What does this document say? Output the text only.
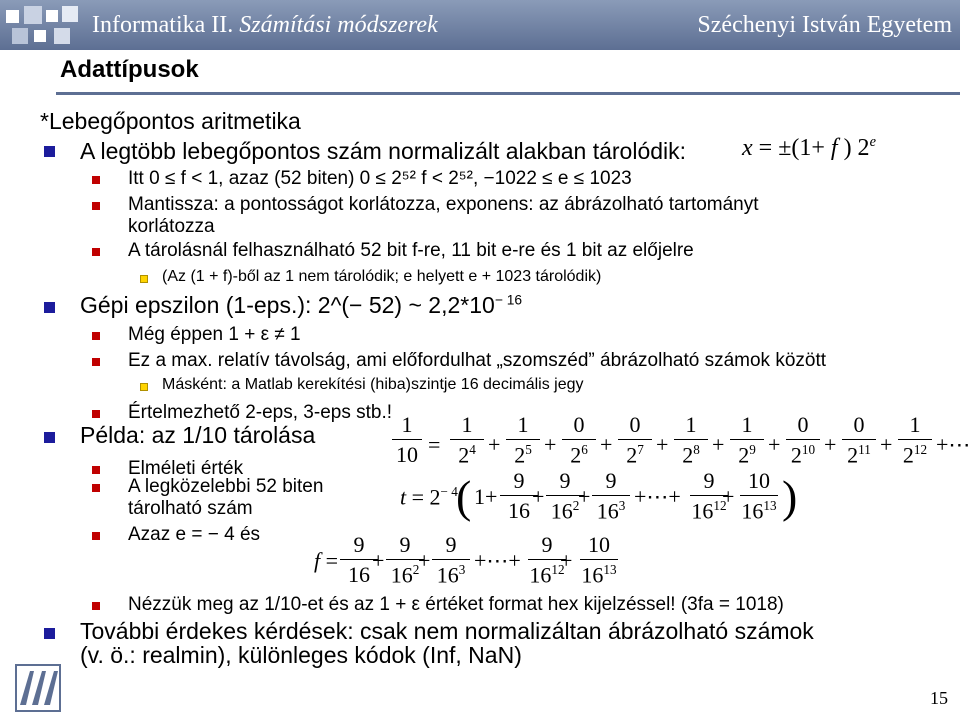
Informatika II. Számítási módszerek	Széchenyi István Egyetem
Adattípusok
*Lebegőpontos aritmetika
A legtöbb lebegőpontos szám normalizált alakban tárolódik: x = ±(1+ f ) 2e
Itt 0 ≤ f < 1, azaz (52 biten) 0 ≤ 2⁵² f < 2⁵², −1022 ≤ e ≤ 1023
Mantissza: a pontosságot korlátozza, exponens: az ábrázolható tartományt
korlátozza
A tárolásnál felhasználható 52 bit f-re, 11 bit e-re és 1 bit az előjelre
(Az (1 + f)-ből az 1 nem tárolódik; e helyett e + 1023 tárolódik)
Gépi epszilon (1-eps.): 2^(− 52) ~ $2,2*10^{- 16}$
Még éppen 1 + ε ≠ 1
Ez a max. relatív távolság, ami előfordulhat „szomszéd” ábrázolható számok között
Másként: a Matlab kerekítési (hiba)szintje 16 decimális jegy
Értelmezhető 2-eps, 3-eps stb.!
Példa: az 1/10 tárolása
Elméleti érték
A legközelebbi 52 biten
tárolható szám
Azaz e = − 4 és
$\frac{1}{10} = \frac{1}{2^4} + \frac{1}{2^5} + \frac{0}{2^6} + \frac{0}{2^7} + \frac{1}{2^8} + \frac{1}{2^9} + \frac{0}{2^{10}} + \frac{0}{2^{11}} + \frac{1}{2^{12}}$ +⋯
$t = 2^{- 4}$
( $1+ \frac{9}{16}$
+ $\frac{9}{16^2}$
+ $\frac{9}{16^3}$ +⋯+ $\frac{9}{16^{12}}$
+ $\frac{10}{16^{13}}$ )
$f = \frac{9}{16}$
+ $\frac{9}{16^2}$
+ $\frac{9}{16^3}$ +⋯+ $\frac{9}{16^{12}}$
+ $\frac{10}{16^{13}}$
Nézzük meg az 1/10-et és az 1 + ε értéket format hex kijelzéssel! (3fa = 1018)
További érdekes kérdések: csak nem normalizáltan ábrázolható számok
(v. ö.: realmin), különleges kódok (Inf, NaN)
15
